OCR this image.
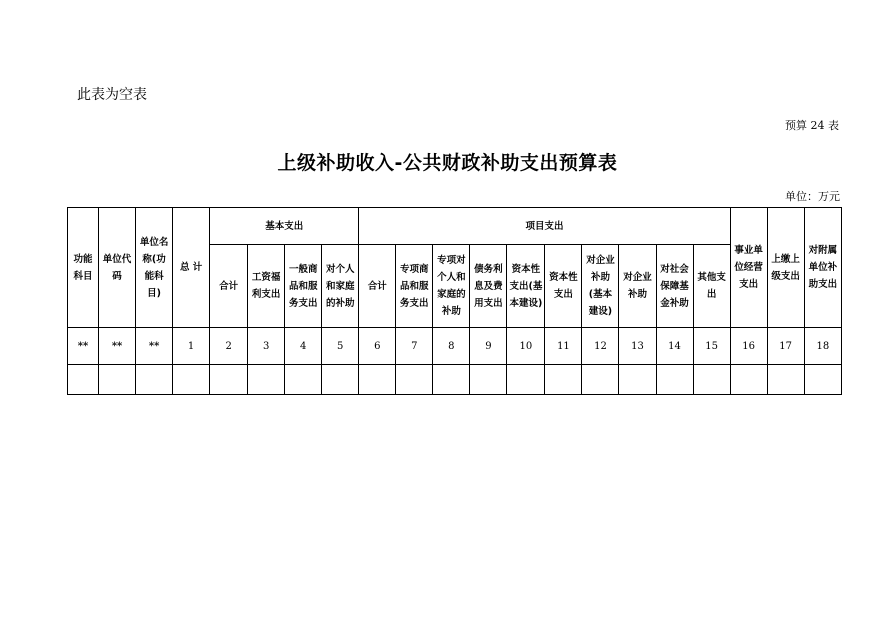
此表为空表
预算 24 表
上级补助收入-公共财政补助支出预算表
单位：万元
功能科目	单位代码	单位名称(功能科目)	总 计	基本支出				项目支出										事业单位经营支出	上缴上级支出	对附属单位补助支出
				合计	工资福利支出	一般商品和服务支出	对个人和家庭的补助	合计	专项商品和服务支出	专项对个人和家庭的补助	债务利息及费用支出	资本性支出(基本建设)	资本性支出	对企业补助(基本建设)	对企业补助	对社会保障基金补助	其他支出			
**	**	**	1	2	3	4	5	6	7	8	9	10	11	12	13	14	15	16	17	18
